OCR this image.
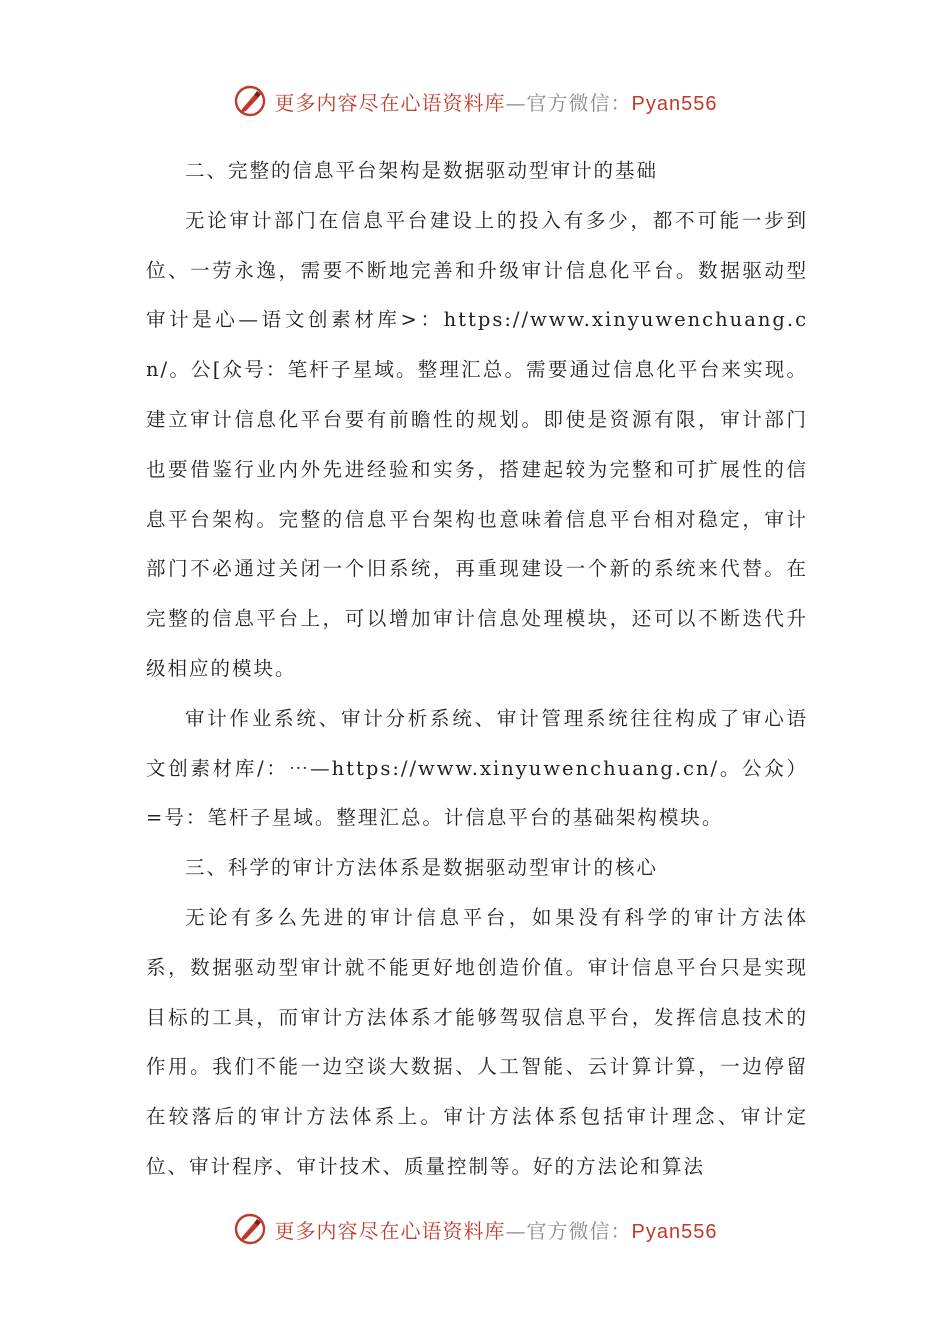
更多内容尽在心语资料库—官方微信：Pyan556

二、完整的信息平台架构是数据驱动型审计的基础

无论审计部门在信息平台建设上的投入有多少，都不可能一步到位、一劳永逸，需要不断地完善和升级审计信息化平台。数据驱动型审计是心—语文创素材库>：https://www.xinyuwenchuang.cn/。公[众号：笔杆子星域。整理汇总。需要通过信息化平台来实现。建立审计信息化平台要有前瞻性的规划。即使是资源有限，审计部门也要借鉴行业内外先进经验和实务，搭建起较为完整和可扩展性的信息平台架构。完整的信息平台架构也意味着信息平台相对稳定，审计部门不必通过关闭一个旧系统，再重现建设一个新的系统来代替。在完整的信息平台上，可以增加审计信息处理模块，还可以不断迭代升级相应的模块。

审计作业系统、审计分析系统、审计管理系统往往构成了审心语文创素材库/：⋯—https://www.xinyuwenchuang.cn/。公众）=号：笔杆子星域。整理汇总。计信息平台的基础架构模块。

三、科学的审计方法体系是数据驱动型审计的核心

无论有多么先进的审计信息平台，如果没有科学的审计方法体系，数据驱动型审计就不能更好地创造价值。审计信息平台只是实现目标的工具，而审计方法体系才能够驾驭信息平台，发挥信息技术的作用。我们不能一边空谈大数据、人工智能、云计算计算，一边停留在较落后的审计方法体系上。审计方法体系包括审计理念、审计定位、审计程序、审计技术、质量控制等。好的方法论和算法

更多内容尽在心语资料库—官方微信：Pyan556
